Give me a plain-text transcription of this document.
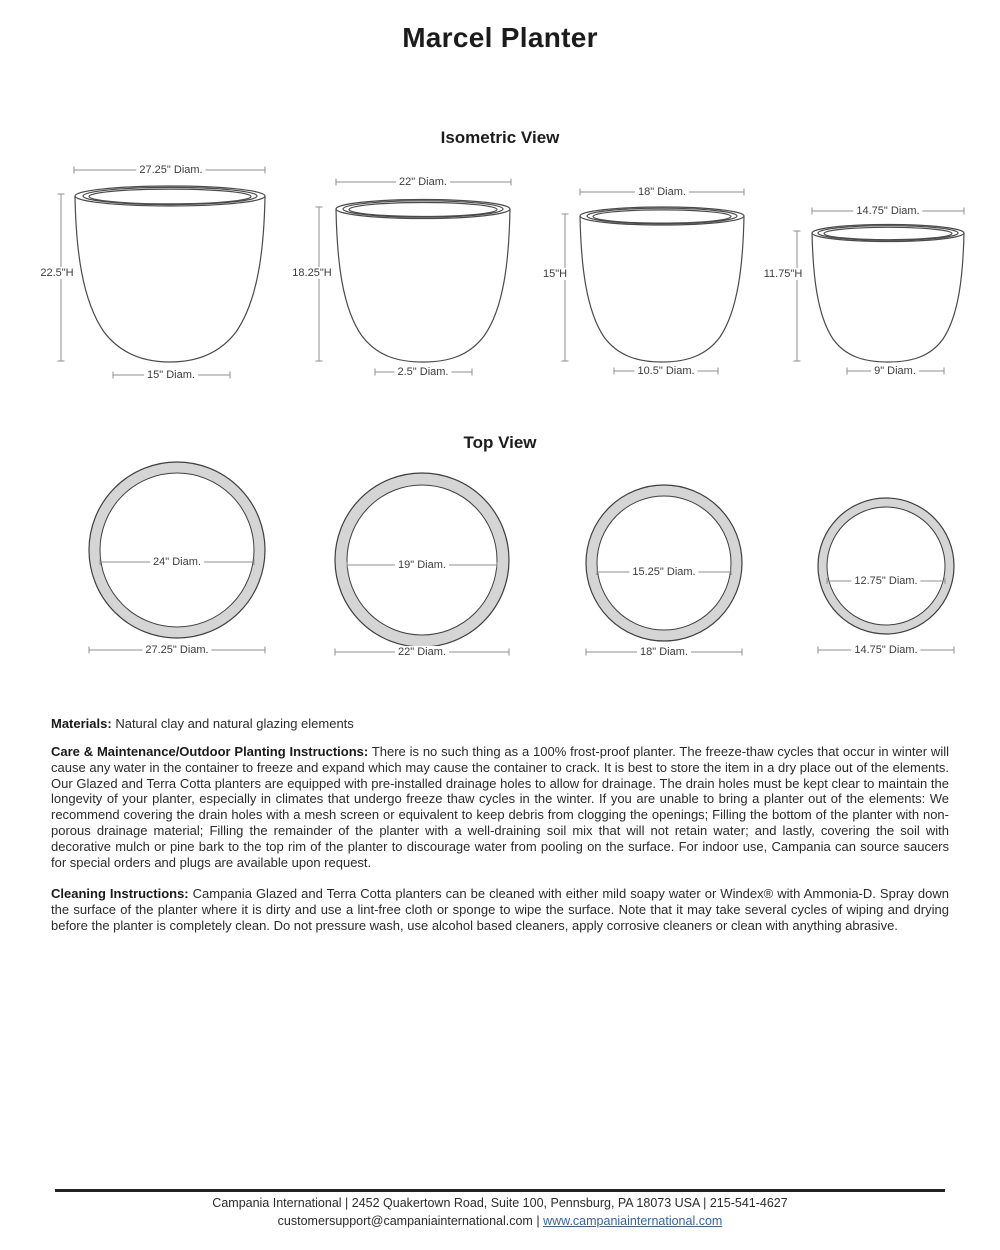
Marcel Planter
Isometric View
27.25" Diam.
22.5"H
15" Diam.
22" Diam.
18.25"H
2.5" Diam.
18" Diam.
15"H
10.5" Diam.
14.75" Diam.
11.75"H
9" Diam.
Top View
24" Diam.
27.25" Diam.
19" Diam.
22" Diam.
15.25" Diam.
18" Diam.
12.75" Diam.
14.75" Diam.
Materials: Natural clay and natural glazing elements
Care & Maintenance/Outdoor Planting Instructions: There is no such thing as a 100% frost-proof planter. The freeze-thaw cycles that occur in winter will cause any water in the container to freeze and expand which may cause the container to crack. It is best to store the item in a dry place out of the elements. Our Glazed and Terra Cotta planters are equipped with pre-installed drainage holes to allow for drainage. The drain holes must be kept clear to maintain the longevity of your planter, especially in climates that undergo freeze thaw cycles in the winter. If you are unable to bring a planter out of the elements: We recommend covering the drain holes with a mesh screen or equivalent to keep debris from clogging the openings; Filling the bottom of the planter with non-porous drainage material; Filling the remainder of the planter with a well-draining soil mix that will not retain water; and lastly, covering the soil with decorative mulch or pine bark to the top rim of the planter to discourage water from pooling on the surface. For indoor use, Campania can source saucers for special orders and plugs are available upon request.
Cleaning Instructions: Campania Glazed and Terra Cotta planters can be cleaned with either mild soapy water or Windex® with Ammonia-D. Spray down the surface of the planter where it is dirty and use a lint-free cloth or sponge to wipe the surface. Note that it may take several cycles of wiping and drying before the planter is completely clean. Do not pressure wash, use alcohol based cleaners, apply corrosive cleaners or clean with anything abrasive.
Campania International | 2452 Quakertown Road, Suite 100, Pennsburg, PA 18073 USA | 215-541-4627
customersupport@campaniainternational.com | www.campaniainternational.com
